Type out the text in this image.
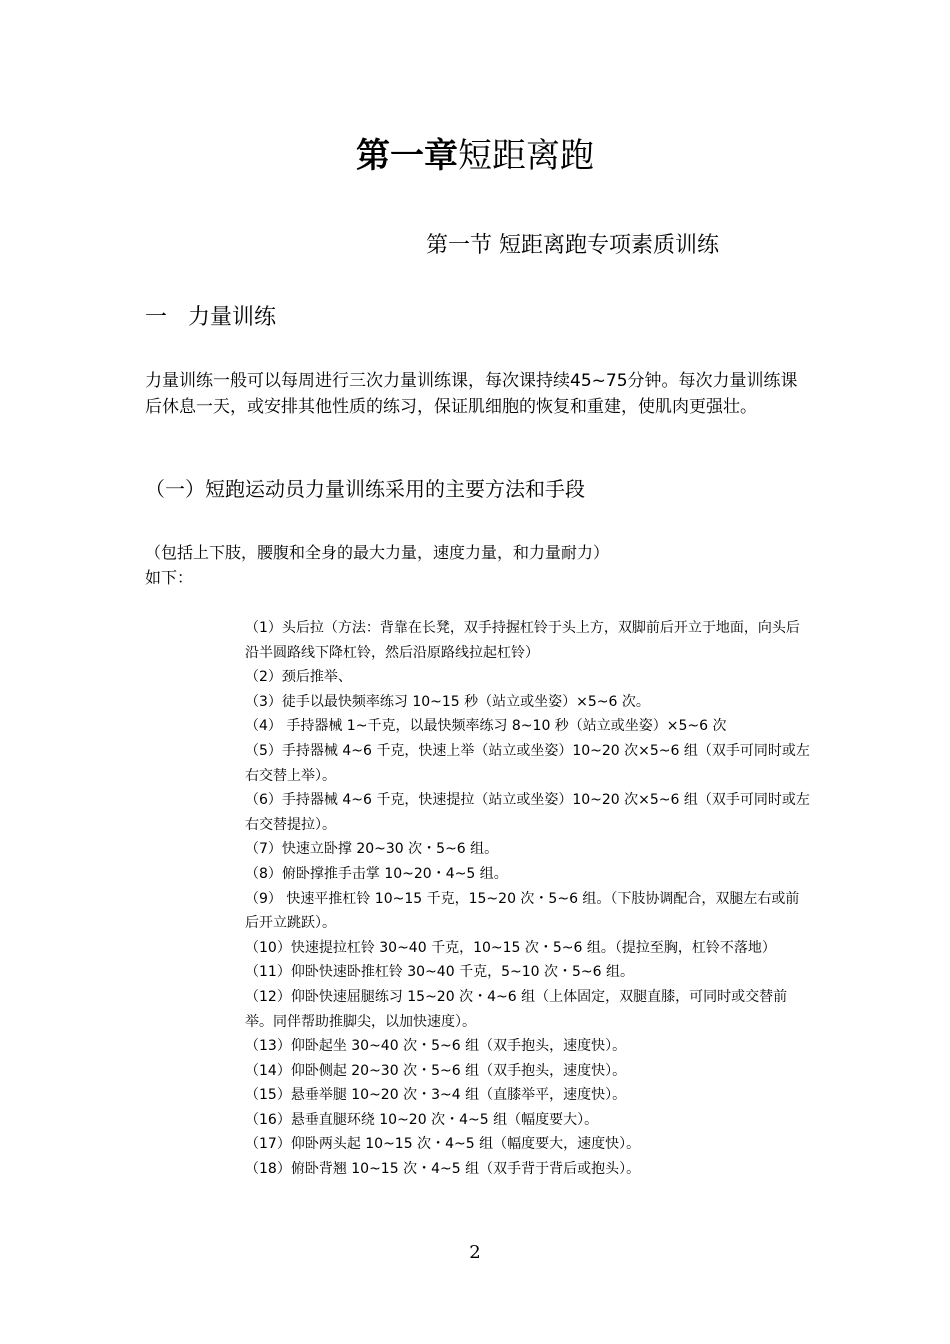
第一章短距离跑
第一节 短距离跑专项素质训练
一 力量训练
力量训练一般可以每周进行三次力量训练课，每次课持续45~75分钟。每次力量训练课后休息一天，或安排其他性质的练习，保证肌细胞的恢复和重建，使肌肉更强壮。
（一）短跑运动员力量训练采用的主要方法和手段
（包括上下肢，腰腹和全身的最大力量，速度力量，和力量耐力）
如下：
（1）头后拉（方法：背靠在长凳，双手持握杠铃于头上方，双脚前后开立于地面，向头后沿半圆路线下降杠铃，然后沿原路线拉起杠铃）
（2）颈后推举、
（3）徒手以最快频率练习 10~15 秒（站立或坐姿）×5~6 次。
（4） 手持器械 1~千克，以最快频率练习 8~10 秒（站立或坐姿）×5~6 次
（5）手持器械 4~6 千克，快速上举（站立或坐姿）10~20 次×5~6 组（双手可同时或左右交替上举）。
（6）手持器械 4~6 千克，快速提拉（站立或坐姿）10~20 次×5~6 组（双手可同时或左右交替提拉）。
（7）快速立卧撑 20~30 次・5~6 组。
（8）俯卧撑推手击掌 10~20・4~5 组。
（9） 快速平推杠铃 10~15 千克，15~20 次・5~6 组。（下肢协调配合，双腿左右或前后开立跳跃）。
（10）快速提拉杠铃 30~40 千克，10~15 次・5~6 组。（提拉至胸，杠铃不落地）
（11）仰卧快速卧推杠铃 30~40 千克，5~10 次・5~6 组。
（12）仰卧快速屈腿练习 15~20 次・4~6 组（上体固定，双腿直膝，可同时或交替前举。同伴帮助推脚尖，以加快速度）。
（13）仰卧起坐 30~40 次・5~6 组（双手抱头，速度快）。
（14）仰卧侧起 20~30 次・5~6 组（双手抱头，速度快）。
（15）悬垂举腿 10~20 次・3~4 组（直膝举平，速度快）。
（16）悬垂直腿环绕 10~20 次・4~5 组（幅度要大）。
（17）仰卧两头起 10~15 次・4~5 组（幅度要大，速度快）。
（18）俯卧背翘 10~15 次・4~5 组（双手背于背后或抱头）。
2
